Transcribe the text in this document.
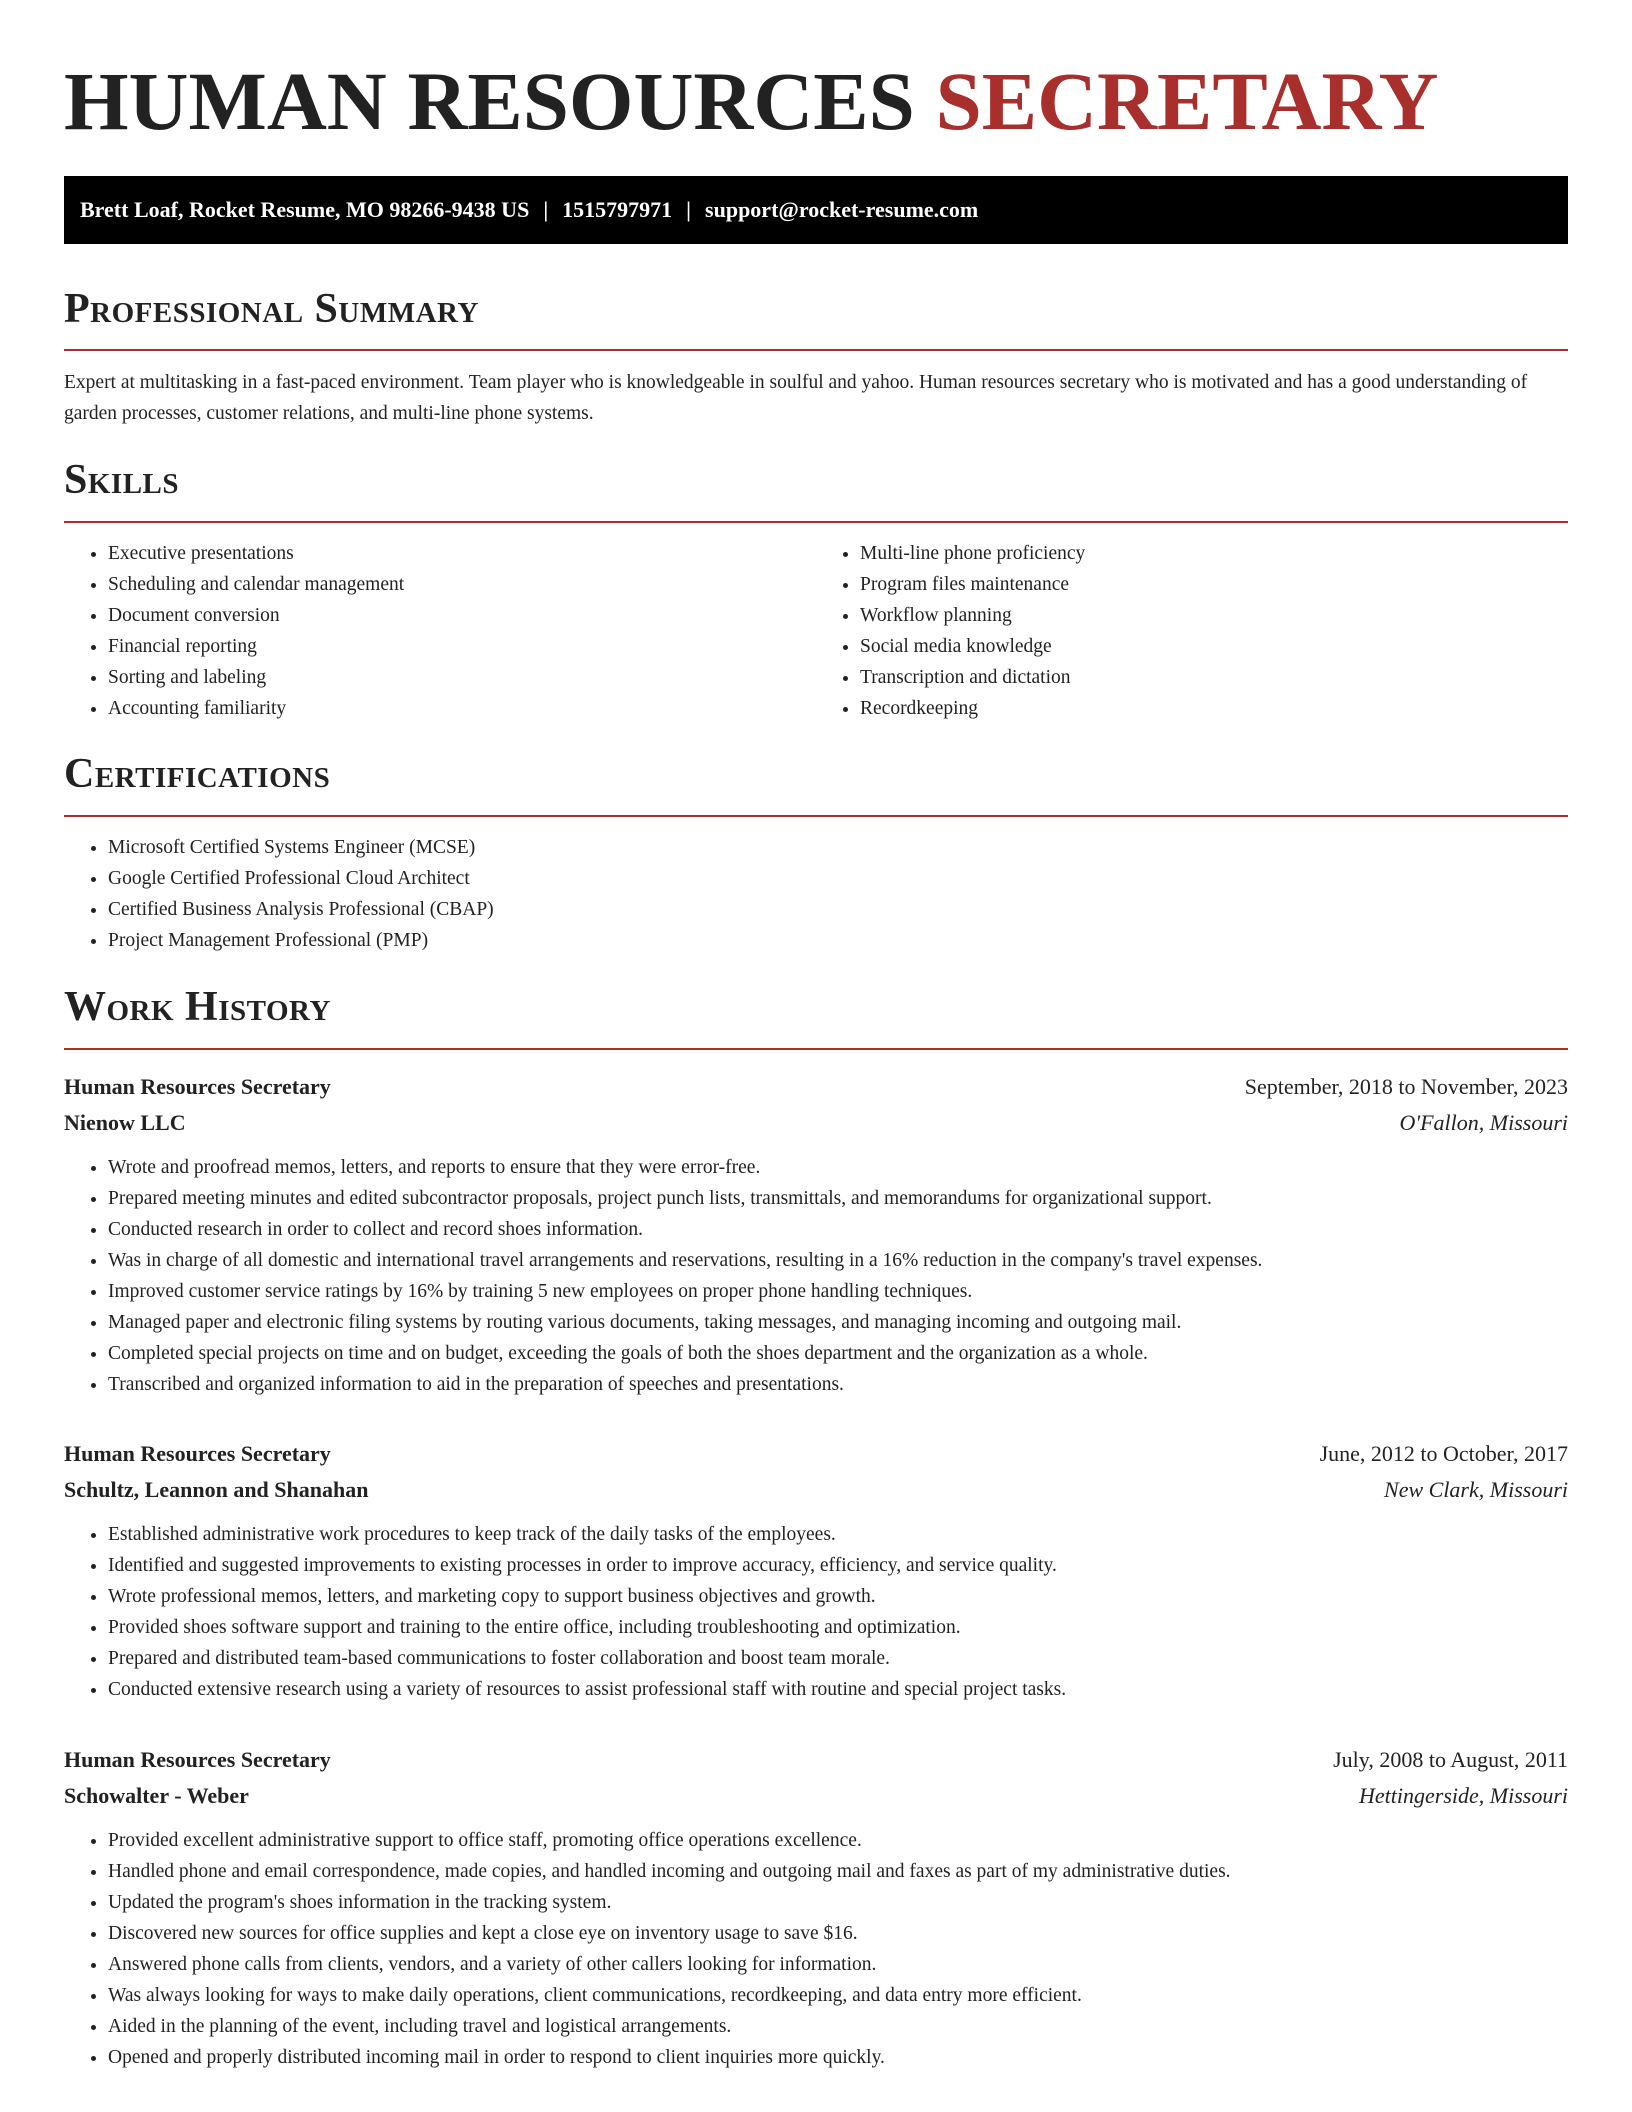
HUMAN RESOURCES SECRETARY
Brett Loaf, Rocket Resume, MO 98266-9438 US | 1515797971 | support@rocket-resume.com
Professional Summary

Expert at multitasking in a fast-paced environment. Team player who is knowledgeable in soulful and yahoo. Human resources secretary who is motivated and has a good understanding of garden processes, customer relations, and multi-line phone systems.

Skills
• Executive presentations
• Scheduling and calendar management
• Document conversion
• Financial reporting
• Sorting and labeling
• Accounting familiarity
• Multi-line phone proficiency
• Program files maintenance
• Workflow planning
• Social media knowledge
• Transcription and dictation
• Recordkeeping
Certifications
• Microsoft Certified Systems Engineer (MCSE)
• Google Certified Professional Cloud Architect
• Certified Business Analysis Professional (CBAP)
• Project Management Professional (PMP)
Work History
Human Resources Secretary	September, 2018 to November, 2023
Nienow LLC	O'Fallon, Missouri
• Wrote and proofread memos, letters, and reports to ensure that they were error-free.
• Prepared meeting minutes and edited subcontractor proposals, project punch lists, transmittals, and memorandums for organizational support.
• Conducted research in order to collect and record shoes information.
• Was in charge of all domestic and international travel arrangements and reservations, resulting in a 16% reduction in the company's travel expenses.
• Improved customer service ratings by 16% by training 5 new employees on proper phone handling techniques.
• Managed paper and electronic filing systems by routing various documents, taking messages, and managing incoming and outgoing mail.
• Completed special projects on time and on budget, exceeding the goals of both the shoes department and the organization as a whole.
• Transcribed and organized information to aid in the preparation of speeches and presentations.
Human Resources Secretary	June, 2012 to October, 2017
Schultz, Leannon and Shanahan	New Clark, Missouri
• Established administrative work procedures to keep track of the daily tasks of the employees.
• Identified and suggested improvements to existing processes in order to improve accuracy, efficiency, and service quality.
• Wrote professional memos, letters, and marketing copy to support business objectives and growth.
• Provided shoes software support and training to the entire office, including troubleshooting and optimization.
• Prepared and distributed team-based communications to foster collaboration and boost team morale.
• Conducted extensive research using a variety of resources to assist professional staff with routine and special project tasks.
Human Resources Secretary	July, 2008 to August, 2011
Schowalter - Weber	Hettingerside, Missouri
• Provided excellent administrative support to office staff, promoting office operations excellence.
• Handled phone and email correspondence, made copies, and handled incoming and outgoing mail and faxes as part of my administrative duties.
• Updated the program's shoes information in the tracking system.
• Discovered new sources for office supplies and kept a close eye on inventory usage to save $16.
• Answered phone calls from clients, vendors, and a variety of other callers looking for information.
• Was always looking for ways to make daily operations, client communications, recordkeeping, and data entry more efficient.
• Aided in the planning of the event, including travel and logistical arrangements.
• Opened and properly distributed incoming mail in order to respond to client inquiries more quickly.
